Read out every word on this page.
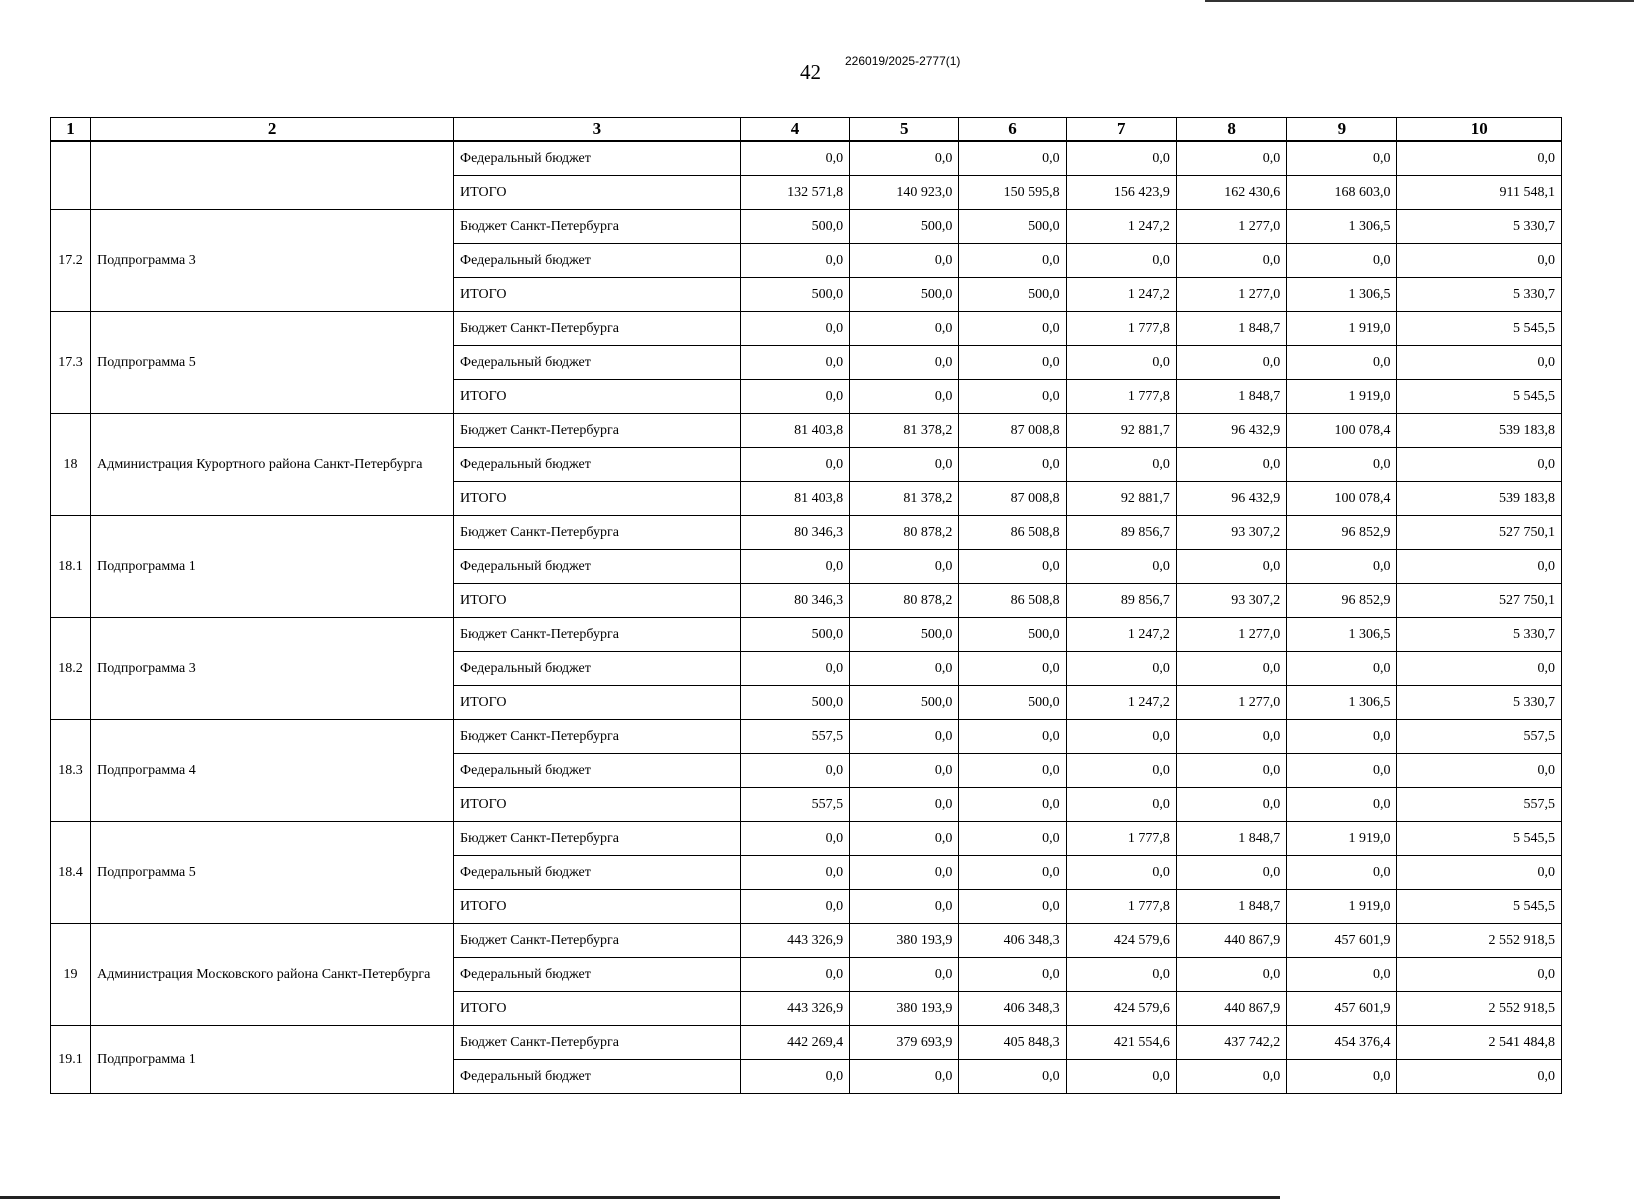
42 226019/2025-2777(1)
1	2	3	4	5	6	7	8	9	10
		Федеральный бюджет	0,0	0,0	0,0	0,0	0,0	0,0	0,0
		ИТОГО	132 571,8	140 923,0	150 595,8	156 423,9	162 430,6	168 603,0	911 548,1
17.2	Подпрограмма 3	Бюджет Санкт-Петербурга	500,0	500,0	500,0	1 247,2	1 277,0	1 306,5	5 330,7
		Федеральный бюджет	0,0	0,0	0,0	0,0	0,0	0,0	0,0
		ИТОГО	500,0	500,0	500,0	1 247,2	1 277,0	1 306,5	5 330,7
17.3	Подпрограмма 5	Бюджет Санкт-Петербурга	0,0	0,0	0,0	1 777,8	1 848,7	1 919,0	5 545,5
		Федеральный бюджет	0,0	0,0	0,0	0,0	0,0	0,0	0,0
		ИТОГО	0,0	0,0	0,0	1 777,8	1 848,7	1 919,0	5 545,5
18	Администрация Курортного района Санкт-Петербурга	Бюджет Санкт-Петербурга	81 403,8	81 378,2	87 008,8	92 881,7	96 432,9	100 078,4	539 183,8
		Федеральный бюджет	0,0	0,0	0,0	0,0	0,0	0,0	0,0
		ИТОГО	81 403,8	81 378,2	87 008,8	92 881,7	96 432,9	100 078,4	539 183,8
18.1	Подпрограмма 1	Бюджет Санкт-Петербурга	80 346,3	80 878,2	86 508,8	89 856,7	93 307,2	96 852,9	527 750,1
		Федеральный бюджет	0,0	0,0	0,0	0,0	0,0	0,0	0,0
		ИТОГО	80 346,3	80 878,2	86 508,8	89 856,7	93 307,2	96 852,9	527 750,1
18.2	Подпрограмма 3	Бюджет Санкт-Петербурга	500,0	500,0	500,0	1 247,2	1 277,0	1 306,5	5 330,7
		Федеральный бюджет	0,0	0,0	0,0	0,0	0,0	0,0	0,0
		ИТОГО	500,0	500,0	500,0	1 247,2	1 277,0	1 306,5	5 330,7
18.3	Подпрограмма 4	Бюджет Санкт-Петербурга	557,5	0,0	0,0	0,0	0,0	0,0	557,5
		Федеральный бюджет	0,0	0,0	0,0	0,0	0,0	0,0	0,0
		ИТОГО	557,5	0,0	0,0	0,0	0,0	0,0	557,5
18.4	Подпрограмма 5	Бюджет Санкт-Петербурга	0,0	0,0	0,0	1 777,8	1 848,7	1 919,0	5 545,5
		Федеральный бюджет	0,0	0,0	0,0	0,0	0,0	0,0	0,0
		ИТОГО	0,0	0,0	0,0	1 777,8	1 848,7	1 919,0	5 545,5
19	Администрация Московского района Санкт-Петербурга	Бюджет Санкт-Петербурга	443 326,9	380 193,9	406 348,3	424 579,6	440 867,9	457 601,9	2 552 918,5
		Федеральный бюджет	0,0	0,0	0,0	0,0	0,0	0,0	0,0
		ИТОГО	443 326,9	380 193,9	406 348,3	424 579,6	440 867,9	457 601,9	2 552 918,5
19.1	Подпрограмма 1	Бюджет Санкт-Петербурга	442 269,4	379 693,9	405 848,3	421 554,6	437 742,2	454 376,4	2 541 484,8
		Федеральный бюджет	0,0	0,0	0,0	0,0	0,0	0,0	0,0
